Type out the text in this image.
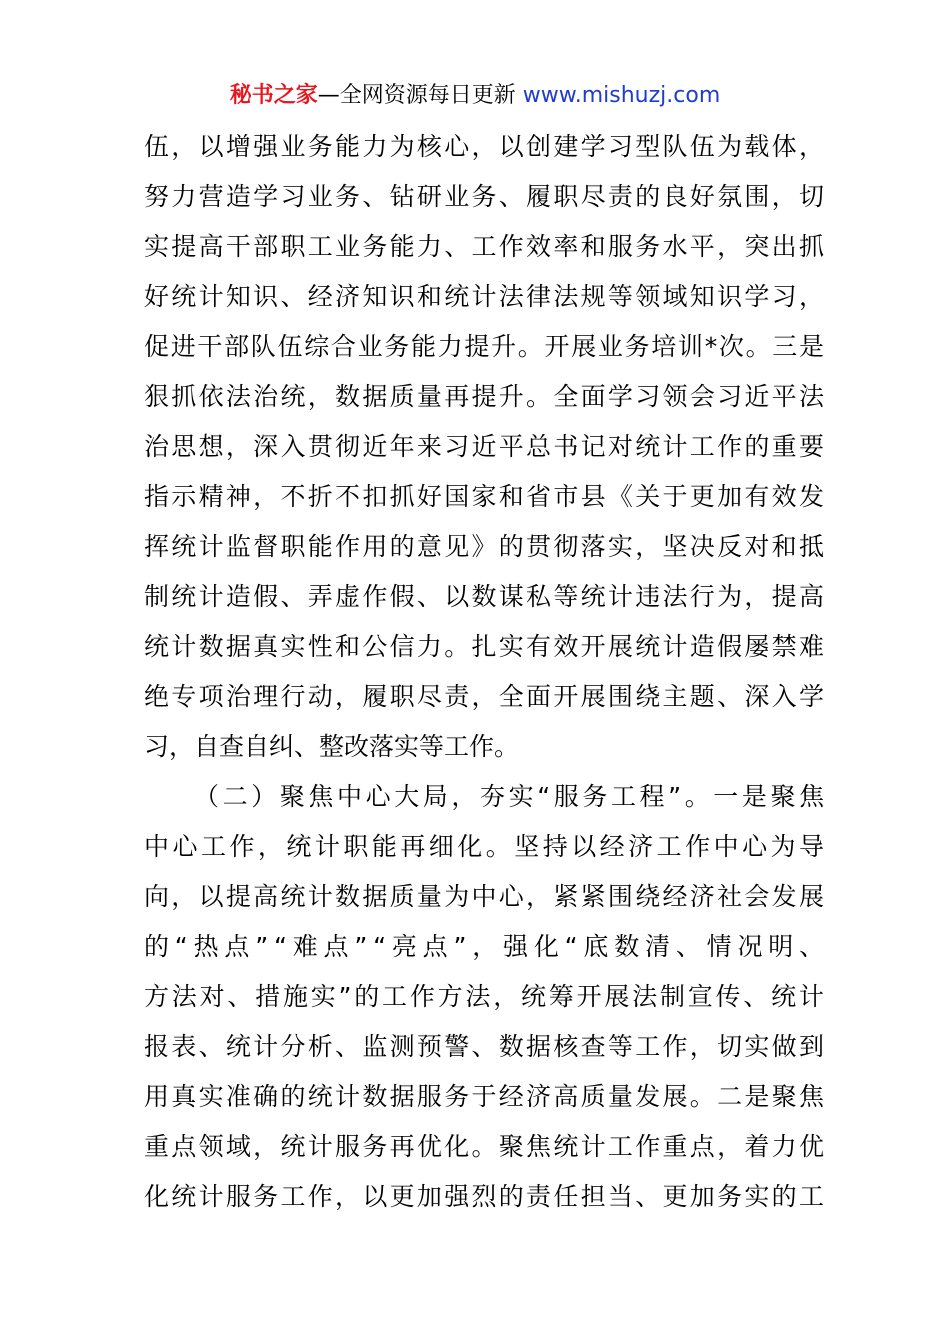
秘书之家—全网资源每日更新 www.mishuzj.com
伍，以增强业务能力为核心，以创建学习型队伍为载体，
努力营造学习业务、钻研业务、履职尽责的良好氛围，切
实提高干部职工业务能力、工作效率和服务水平，突出抓
好统计知识、经济知识和统计法律法规等领域知识学习，
促进干部队伍综合业务能力提升。开展业务培训*次。三是
狠抓依法治统，数据质量再提升。全面学习领会习近平法
治思想，深入贯彻近年来习近平总书记对统计工作的重要
指示精神，不折不扣抓好国家和省市县《关于更加有效发
挥统计监督职能作用的意见》的贯彻落实，坚决反对和抵
制统计造假、弄虚作假、以数谋私等统计违法行为，提高
统计数据真实性和公信力。扎实有效开展统计造假屡禁难
绝专项治理行动，履职尽责，全面开展围绕主题、深入学
习，自查自纠、整改落实等工作。
（二）聚焦中心大局，夯实“服务工程”。一是聚焦
中心工作，统计职能再细化。坚持以经济工作中心为导
向，以提高统计数据质量为中心，紧紧围绕经济社会发展
的“热点”“难点”“亮点”，强化“底数清、情况明、
方法对、措施实”的工作方法，统筹开展法制宣传、统计
报表、统计分析、监测预警、数据核查等工作，切实做到
用真实准确的统计数据服务于经济高质量发展。二是聚焦
重点领域，统计服务再优化。聚焦统计工作重点，着力优
化统计服务工作，以更加强烈的责任担当、更加务实的工
